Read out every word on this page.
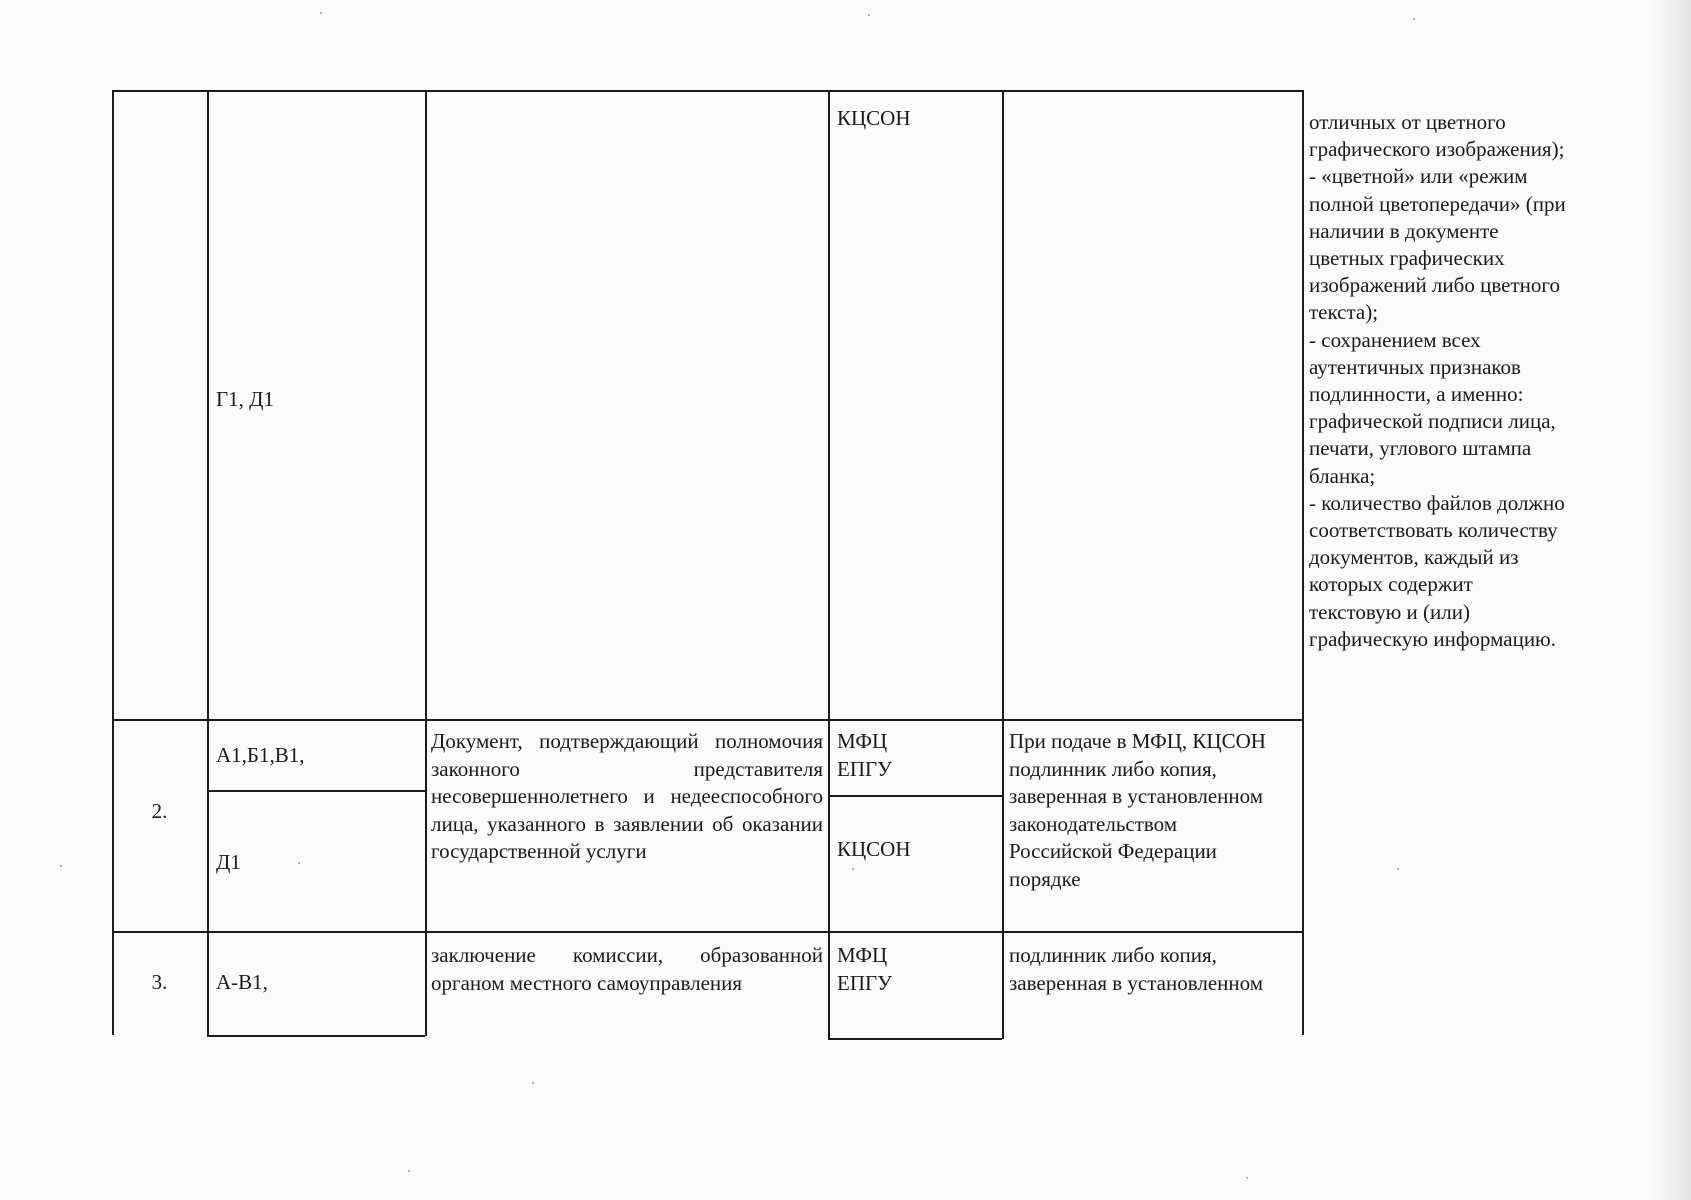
Г1, Д1

КЦСОН

2.

А1,Б1,В1,

Д1

Документ, подтверждающий полномочия законного представителя несовершеннолетнего и недееспособного лица, указанного в заявлении об оказании государственной услуги

МФЦ ЕПГУ

КЦСОН

При подаче в МФЦ, КЦСОН подлинник либо копия, заверенная в установленном законодательством Российской Федерации порядке

3.	А-В1,

заключение комиссии, образованной органом местного самоуправления

МФЦ ЕПГУ

подлинник либо копия, заверенная в установленном

отличных от цветного
графического изображения);
- «цветной» или «режим
полной цветопередачи» (при
наличии в документе
цветных графических
изображений либо цветного
текста);
- сохранением всех
аутентичных признаков
подлинности, а именно:
графической подписи лица,
печати, углового штампа
бланка;
- количество файлов должно
соответствовать количеству
документов, каждый из
которых содержит
текстовую и (или)
графическую информацию.
